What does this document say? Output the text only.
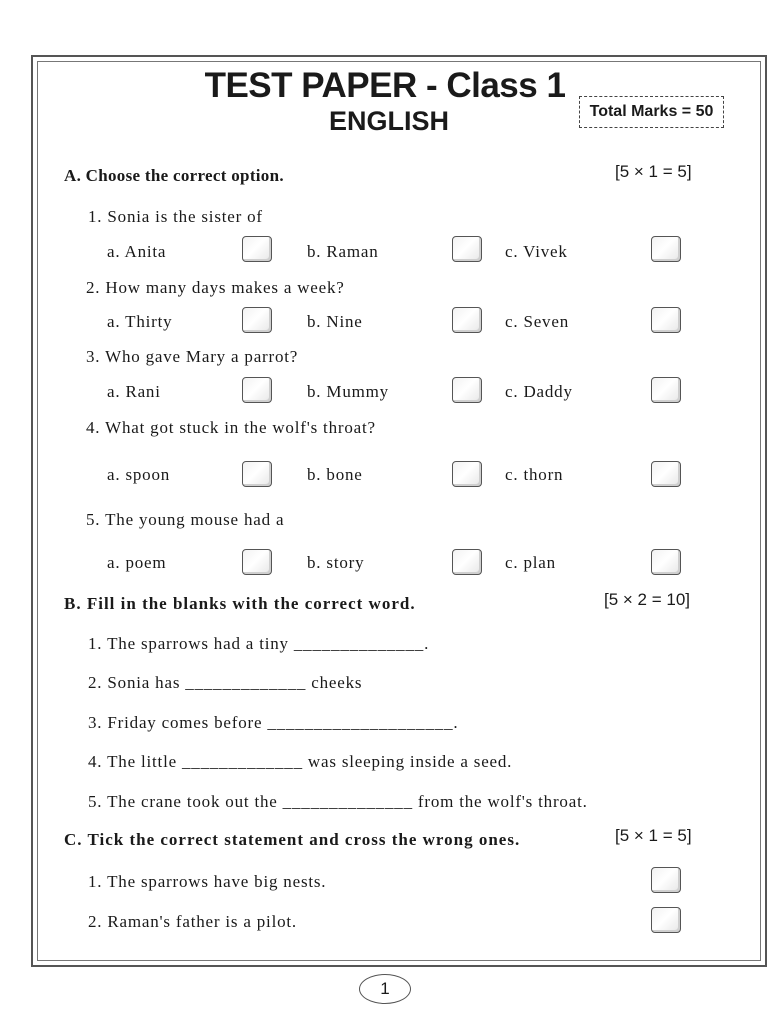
TEST PAPER - Class 1
ENGLISH	Total Marks = 50
A. Choose the correct option.	[5 × 1 = 5]
1. Sonia is the sister of
a. Anita	b. Raman	c. Vivek
2. How many days makes a week?
a. Thirty	b. Nine	c. Seven
3. Who gave Mary a parrot?
a. Rani	b. Mummy	c. Daddy
4. What got stuck in the wolf's throat?
a. spoon	b. bone	c. thorn
5. The young mouse had a
a. poem	b. story	c. plan
B. Fill in the blanks with the correct word.	[5 × 2 = 10]
1. The sparrows had a tiny ______________.
2. Sonia has _____________ cheeks
3. Friday comes before ____________________.
4. The little _____________ was sleeping inside a seed.
5. The crane took out the ______________ from the wolf's throat.
C. Tick the correct statement and cross the wrong ones.	[5 × 1 = 5]
1. The sparrows have big nests.
2. Raman's father is a pilot.
1
